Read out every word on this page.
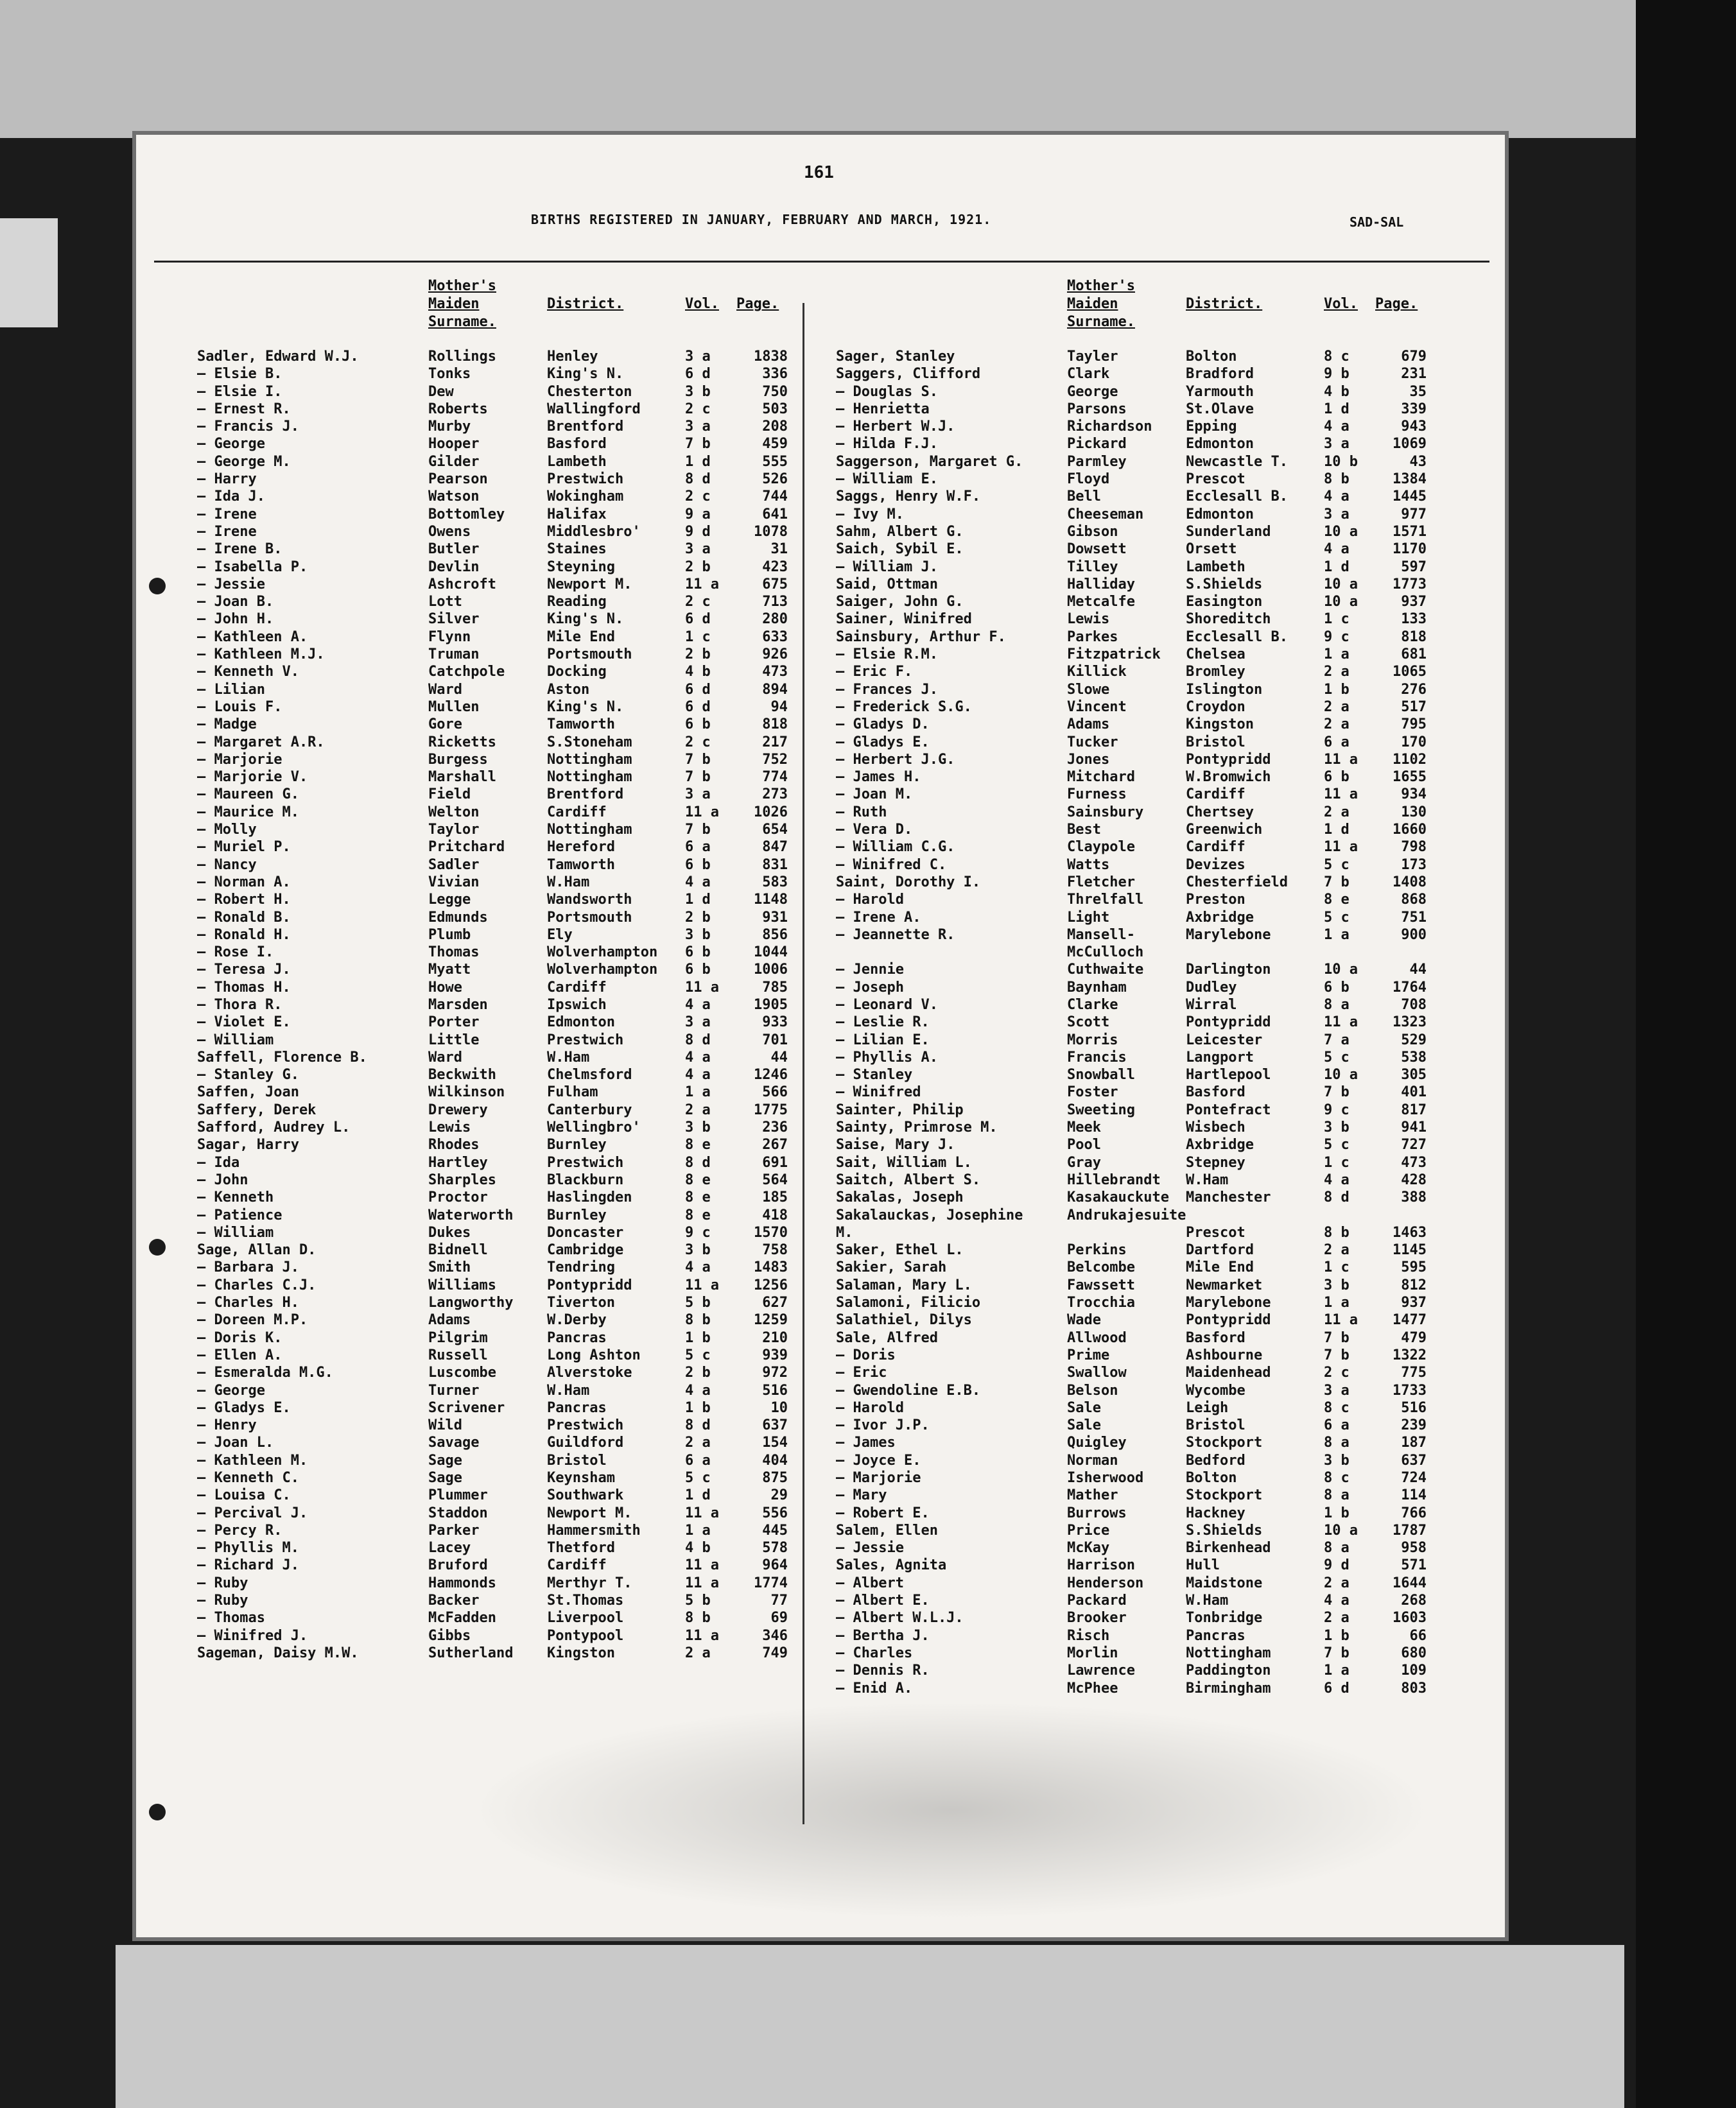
161
BIRTHS REGISTERED IN JANUARY, FEBRUARY AND MARCH, 1921.	SAD-SAL
Mother's
Maiden
Surname.
District.	Vol. Page.
Sadler, Edward W.J.	Rollings	Henley	3 a	1838
— Elsie B.	Tonks	King's N.	6 d	336
— Elsie I.	Dew	Chesterton	3 b	750
— Ernest R.	Roberts	Wallingford	2 c	503
— Francis J.	Murby	Brentford	3 a	208
— George	Hooper	Basford	7 b	459
— George M.	Gilder	Lambeth	1 d	555
— Harry	Pearson	Prestwich	8 d	526
— Ida J.	Watson	Wokingham	2 c	744
— Irene	Bottomley	Halifax	9 a	641
— Irene	Owens	Middlesbro'	9 d	1078
— Irene B.	Butler	Staines	3 a	31
— Isabella P.	Devlin	Steyning	2 b	423
— Jessie	Ashcroft	Newport M.	11 a	675
— Joan B.	Lott	Reading	2 c	713
— John H.	Silver	King's N.	6 d	280
— Kathleen A.	Flynn	Mile End	1 c	633
— Kathleen M.J.	Truman	Portsmouth	2 b	926
— Kenneth V.	Catchpole	Docking	4 b	473
— Lilian	Ward	Aston	6 d	894
— Louis F.	Mullen	King's N.	6 d	94
— Madge	Gore	Tamworth	6 b	818
— Margaret A.R.	Ricketts	S.Stoneham	2 c	217
— Marjorie	Burgess	Nottingham	7 b	752
— Marjorie V.	Marshall	Nottingham	7 b	774
— Maureen G.	Field	Brentford	3 a	273
— Maurice M.	Welton	Cardiff	11 a	1026
— Molly	Taylor	Nottingham	7 b	654
— Muriel P.	Pritchard	Hereford	6 a	847
— Nancy	Sadler	Tamworth	6 b	831
— Norman A.	Vivian	W.Ham	4 a	583
— Robert H.	Legge	Wandsworth	1 d	1148
— Ronald B.	Edmunds	Portsmouth	2 b	931
— Ronald H.	Plumb	Ely	3 b	856
— Rose I.	Thomas	Wolverhampton 6 b	1044
— Teresa J.	Myatt	Wolverhampton 6 b	1006
— Thomas H.	Howe	Cardiff	11 a	785
— Thora R.	Marsden	Ipswich	4 a	1905
— Violet E.	Porter	Edmonton	3 a	933
— William	Little	Prestwich	8 d	701
Saffell, Florence B.	Ward	W.Ham	4 a	44
— Stanley G.	Beckwith	Chelmsford	4 a	1246
Saffen, Joan	Wilkinson	Fulham	1 a	566
Saffery, Derek	Drewery	Canterbury	2 a	1775
Safford, Audrey L.	Lewis	Wellingbro'	3 b	236
Sagar, Harry	Rhodes	Burnley	8 e	267
— Ida	Hartley	Prestwich	8 d	691
— John	Sharples	Blackburn	8 e	564
— Kenneth	Proctor	Haslingden	8 e	185
— Patience	Waterworth Burnley	8 e	418
— William	Dukes	Doncaster	9 c	1570
Sage, Allan D.	Bidnell	Cambridge	3 b	758
— Barbara J.	Smith	Tendring	4 a	1483
— Charles C.J.	Williams	Pontypridd	11 a	1256
— Charles H.	Langworthy Tiverton	5 b	627
— Doreen M.P.	Adams	W.Derby	8 b	1259
— Doris K.	Pilgrim	Pancras	1 b	210
— Ellen A.	Russell	Long Ashton	5 c	939
— Esmeralda M.G.	Luscombe	Alverstoke	2 b	972
— George	Turner	W.Ham	4 a	516
— Gladys E.	Scrivener	Pancras	1 b	10
— Henry	Wild	Prestwich	8 d	637
— Joan L.	Savage	Guildford	2 a	154
— Kathleen M.	Sage	Bristol	6 a	404
— Kenneth C.	Sage	Keynsham	5 c	875
— Louisa C.	Plummer	Southwark	1 d	29
— Percival J.	Staddon	Newport M.	11 a	556
— Percy R.	Parker	Hammersmith	1 a	445
— Phyllis M.	Lacey	Thetford	4 b	578
— Richard J.	Bruford	Cardiff	11 a	964
— Ruby	Hammonds	Merthyr T.	11 a	1774
— Ruby	Backer	St.Thomas	5 b	77
— Thomas	McFadden	Liverpool	8 b	69
— Winifred J.	Gibbs	Pontypool	11 a	346
Sageman, Daisy M.W.	Sutherland Kingston	2 a	749
Mother's
Maiden
Surname.
District.	Vol. Page.
Sager, Stanley	Tayler	Bolton	8 c	679
Saggers, Clifford	Clark	Bradford	9 b	231
— Douglas S.	George	Yarmouth	4 b	35
— Henrietta	Parsons	St.Olave	1 d	339
— Herbert W.J.	Richardson Epping	4 a	943
— Hilda F.J.	Pickard	Edmonton	3 a	1069
Saggerson, Margaret G.	Parmley	Newcastle T.	10 b	43
— William E.	Floyd	Prescot	8 b	1384
Saggs, Henry W.F.	Bell	Ecclesall B.	4 a	1445
— Ivy M.	Cheeseman	Edmonton	3 a	977
Sahm, Albert G.	Gibson	Sunderland	10 a	1571
Saich, Sybil E.	Dowsett	Orsett	4 a	1170
— William J.	Tilley	Lambeth	1 d	597
Said, Ottman	Halliday	S.Shields	10 a	1773
Saiger, John G.	Metcalfe	Easington	10 a	937
Sainer, Winifred	Lewis	Shoreditch	1 c	133
Sainsbury, Arthur F.	Parkes	Ecclesall B.	9 c	818
— Elsie R.M.	Fitzpatrick Chelsea	1 a	681
— Eric F.	Killick	Bromley	2 a	1065
— Frances J.	Slowe	Islington	1 b	276
— Frederick S.G.	Vincent	Croydon	2 a	517
— Gladys D.	Adams	Kingston	2 a	795
— Gladys E.	Tucker	Bristol	6 a	170
— Herbert J.G.	Jones	Pontypridd	11 a	1102
— James H.	Mitchard	W.Bromwich	6 b	1655
— Joan M.	Furness	Cardiff	11 a	934
— Ruth	Sainsbury	Chertsey	2 a	130
— Vera D.	Best	Greenwich	1 d	1660
— William C.G.	Claypole	Cardiff	11 a	798
— Winifred C.	Watts	Devizes	5 c	173
Saint, Dorothy I.	Fletcher	Chesterfield	7 b	1408
— Harold	Threlfall	Preston	8 e	868
— Irene A.	Light	Axbridge	5 c	751
— Jeannette R.	Mansell-	Marylebone	1 a	900
McCulloch
— Jennie	Cuthwaite	Darlington	10 a	44
— Joseph	Baynham	Dudley	6 b	1764
— Leonard V.	Clarke	Wirral	8 a	708
— Leslie R.	Scott	Pontypridd	11 a	1323
— Lilian E.	Morris	Leicester	7 a	529
— Phyllis A.	Francis	Langport	5 c	538
— Stanley	Snowball	Hartlepool	10 a	305
— Winifred	Foster	Basford	7 b	401
Sainter, Philip	Sweeting	Pontefract	9 c	817
Sainty, Primrose M.	Meek	Wisbech	3 b	941
Saise, Mary J.	Pool	Axbridge	5 c	727
Sait, William L.	Gray	Stepney	1 c	473
Saitch, Albert S.	Hillebrandt W.Ham	4 a	428
Sakalas, Joseph	Kasakauckute Manchester	8 d	388
Sakalauckas, Josephine	Andrukajesuite
M.	Prescot	8 b	1463
Saker, Ethel L.	Perkins	Dartford	2 a	1145
Sakier, Sarah	Belcombe	Mile End	1 c	595
Salaman, Mary L.	Fawssett	Newmarket	3 b	812
Salamoni, Filicio	Trocchia	Marylebone	1 a	937
Salathiel, Dilys	Wade	Pontypridd	11 a	1477
Sale, Alfred	Allwood	Basford	7 b	479
— Doris	Prime	Ashbourne	7 b	1322
— Eric	Swallow	Maidenhead	2 c	775
— Gwendoline E.B.	Belson	Wycombe	3 a	1733
— Harold	Sale	Leigh	8 c	516
— Ivor J.P.	Sale	Bristol	6 a	239
— James	Quigley	Stockport	8 a	187
— Joyce E.	Norman	Bedford	3 b	637
— Marjorie	Isherwood	Bolton	8 c	724
— Mary	Mather	Stockport	8 a	114
— Robert E.	Burrows	Hackney	1 b	766
Salem, Ellen	Price	S.Shields	10 a	1787
— Jessie	McKay	Birkenhead	8 a	958
Sales, Agnita	Harrison	Hull	9 d	571
— Albert	Henderson	Maidstone	2 a	1644
— Albert E.	Packard	W.Ham	4 a	268
— Albert W.L.J.	Brooker	Tonbridge	2 a	1603
— Bertha J.	Risch	Pancras	1 b	66
— Charles	Morlin	Nottingham	7 b	680
— Dennis R.	Lawrence	Paddington	1 a	109
— Enid A.	McPhee	Birmingham	6 d	803
